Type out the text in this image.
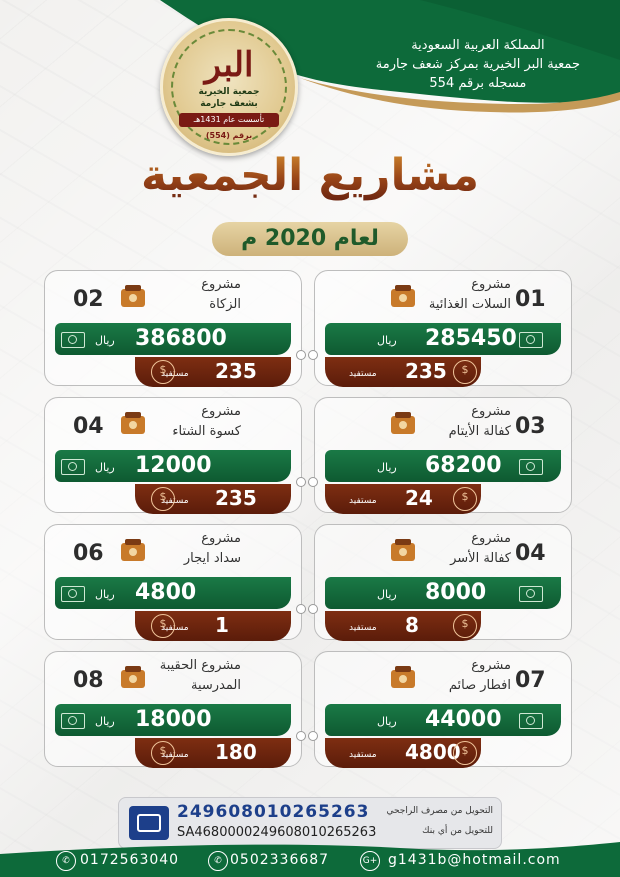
البر
جمعية الخيرية
بشعف جارمة
تأسست عام 1431هـ
برقم (554)
المملكة العربية السعودية
جمعية البر الخيرية بمركز شعف جارمة
مسجله برقم 554
مشاريع الجمعية
لعام 2020 م
01
مشروع
السلات الغذائية
285450
ريال
235
مستفيد
$
02
مشروع
الزكاة
386800
ريال
235
مستفيد
$
03
مشروع
كفالة الأيتام
68200
ريال
24
مستفيد
$
04
مشروع
كسوة الشتاء
12000
ريال
235
مستفيد
$
04
مشروع
كفالة الأسر
8000
ريال
8
مستفيد
$
06
مشروع
سداد ايجار
4800
ريال
1
مستفيد
$
07
مشروع
افطار صائم
44000
ريال
4800
مستفيد
$
08
مشروع الحقيبة
المدرسية
18000
ريال
180
مستفيد
$
249608010265263
SA4680000249608010265263
التحويل من مصرف الراجحي
للتحويل من أي بنك
✆ 0172563040	✆ 0502336687	G+ g1431b@hotmail.com
